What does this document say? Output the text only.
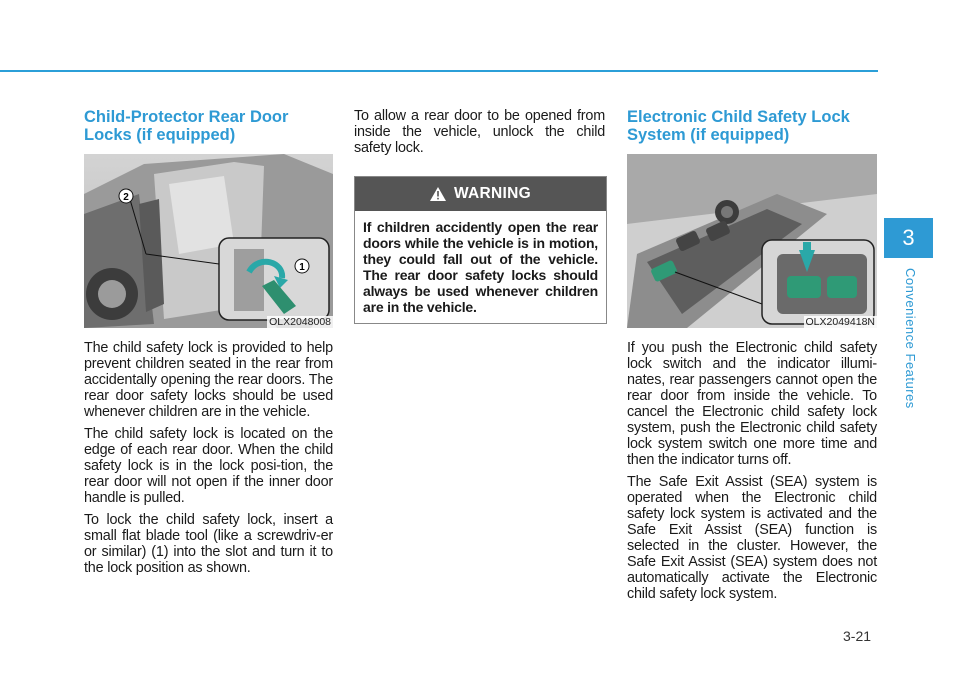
Child-Protector Rear Door Locks (if equipped)
2
1
OLX2048008

The child safety lock is provided to help prevent children seated in the rear from accidentally opening the rear doors. The rear door safety locks should be used whenever children are in the vehicle.

The child safety lock is located on the edge of each rear door. When the child safety lock is in the lock posi-tion, the rear door will not open if the inner door handle is pulled.

To lock the child safety lock, insert a small flat blade tool (like a screwdriv-er or similar) (1) into the slot and turn it to the lock position as shown.

To allow a rear door to be opened from inside the vehicle, unlock the child safety lock.

WARNING

If children accidently open the rear doors while the vehicle is in motion, they could fall out of the vehicle. The rear door safety locks should always be used whenever children are in the vehicle.

Electronic Child Safety Lock System (if equipped)
OLX2049418N

If you push the Electronic child safety lock switch and the indicator illumi-nates, rear passengers cannot open the rear door from inside the vehicle. To cancel the Electronic child safety lock system, push the Electronic child safety lock system switch one more time and then the indicator turns off.

The Safe Exit Assist (SEA) system is operated when the Electronic child safety lock system is activated and the Safe Exit Assist (SEA) function is selected in the cluster. However, the Safe Exit Assist (SEA) system does not automatically activate the Electronic child safety lock system.

3
Convenience Features
3-21
